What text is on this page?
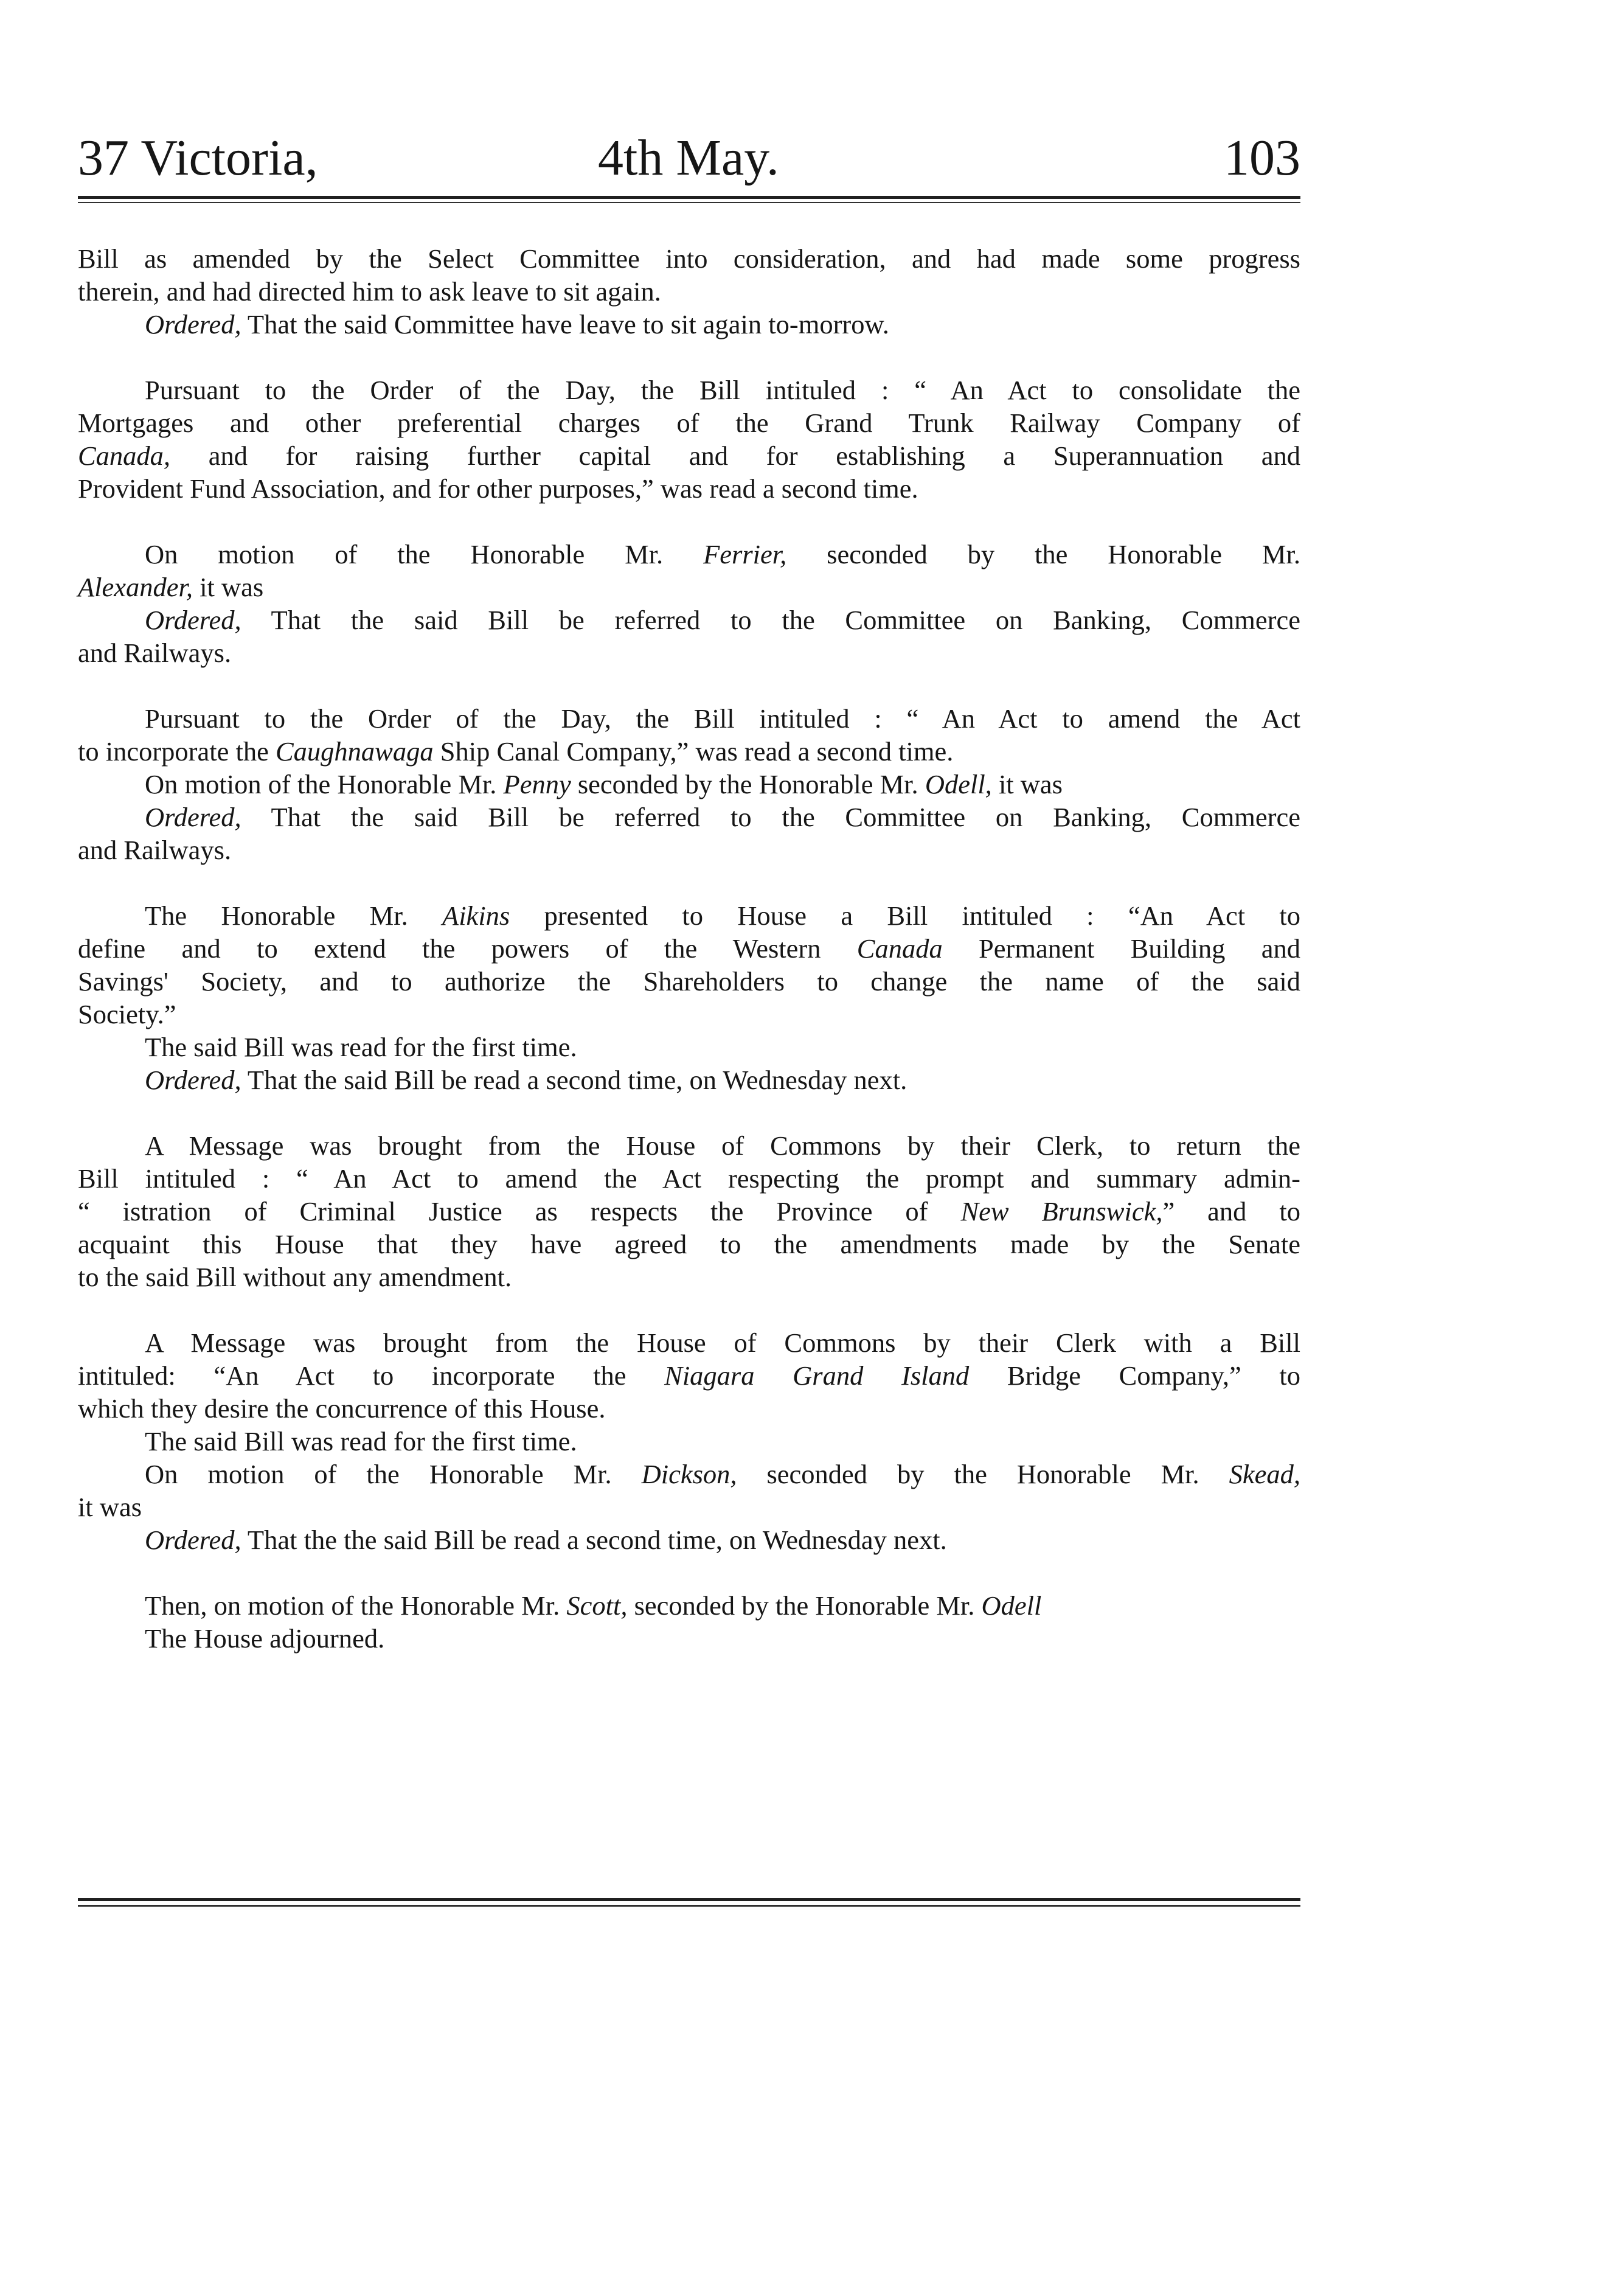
37 Victoria,	4th May.	103
Bill as amended by the Select Committee into consideration, and had made some progress
therein, and had directed him to ask leave to sit again.
Ordered, That the said Committee have leave to sit again to-morrow.
Pursuant to the Order of the Day, the Bill intituled : “ An Act to consolidate the
Mortgages and other preferential charges of the Grand Trunk Railway Company of
Canada, and for raising further capital and for establishing a Superannuation and
Provident Fund Association, and for other purposes,” was read a second time.
On motion of the Honorable Mr. Ferrier, seconded by the Honorable Mr.
Alexander, it was
Ordered, That the said Bill be referred to the Committee on Banking, Commerce
and Railways.
Pursuant to the Order of the Day, the Bill intituled : “ An Act to amend the Act
to incorporate the Caughnawaga Ship Canal Company,” was read a second time.
On motion of the Honorable Mr. Penny seconded by the Honorable Mr. Odell, it was
Ordered, That the said Bill be referred to the Committee on Banking, Commerce
and Railways.
The Honorable Mr. Aikins presented to House a Bill intituled : “An Act to
define and to extend the powers of the Western Canada Permanent Building and
Savings' Society, and to authorize the Shareholders to change the name of the said
Society.”
The said Bill was read for the first time.
Ordered, That the said Bill be read a second time, on Wednesday next.
A Message was brought from the House of Commons by their Clerk, to return the
Bill intituled : “ An Act to amend the Act respecting the prompt and summary admin-
“ istration of Criminal Justice as respects the Province of New Brunswick,” and to
acquaint this House that they have agreed to the amendments made by the Senate
to the said Bill without any amendment.
A Message was brought from the House of Commons by their Clerk with a Bill
intituled: “An Act to incorporate the Niagara Grand Island Bridge Company,” to
which they desire the concurrence of this House.
The said Bill was read for the first time.
On motion of the Honorable Mr. Dickson, seconded by the Honorable Mr. Skead,
it was
Ordered, That the the said Bill be read a second time, on Wednesday next.
Then, on motion of the Honorable Mr. Scott, seconded by the Honorable Mr. Odell
The House adjourned.
